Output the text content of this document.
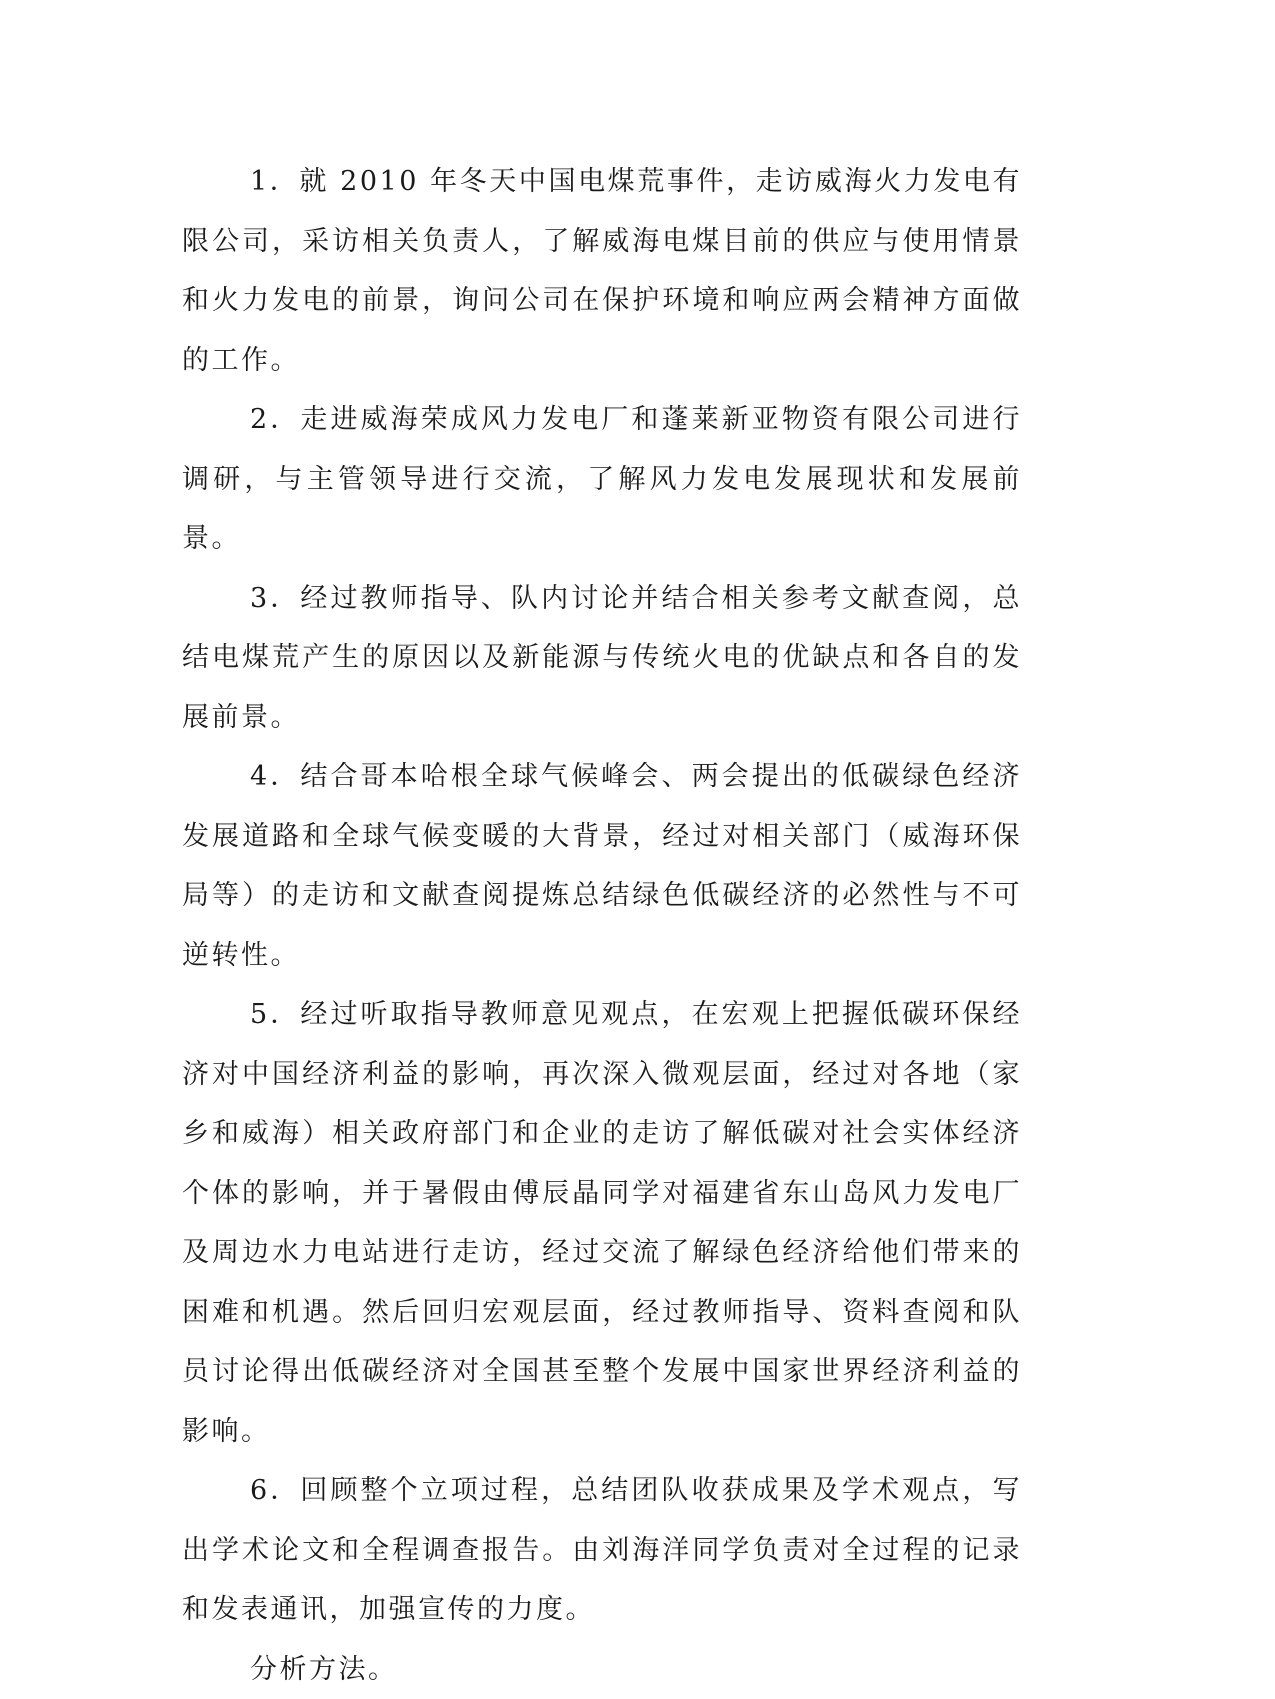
1．就 2010 年冬天中国电煤荒事件，走访威海火力发电有限公司，采访相关负责人，了解威海电煤目前的供应与使用情景和火力发电的前景，询问公司在保护环境和响应两会精神方面做的工作。

2．走进威海荣成风力发电厂和蓬莱新亚物资有限公司进行调研，与主管领导进行交流，了解风力发电发展现状和发展前景。

3．经过教师指导、队内讨论并结合相关参考文献查阅，总结电煤荒产生的原因以及新能源与传统火电的优缺点和各自的发展前景。

4．结合哥本哈根全球气候峰会、两会提出的低碳绿色经济发展道路和全球气候变暖的大背景，经过对相关部门（威海环保局等）的走访和文献查阅提炼总结绿色低碳经济的必然性与不可逆转性。

5．经过听取指导教师意见观点，在宏观上把握低碳环保经济对中国经济利益的影响，再次深入微观层面，经过对各地（家乡和威海）相关政府部门和企业的走访了解低碳对社会实体经济个体的影响，并于暑假由傅辰晶同学对福建省东山岛风力发电厂及周边水力电站进行走访，经过交流了解绿色经济给他们带来的困难和机遇。然后回归宏观层面，经过教师指导、资料查阅和队员讨论得出低碳经济对全国甚至整个发展中国家世界经济利益的影响。

6．回顾整个立项过程，总结团队收获成果及学术观点，写出学术论文和全程调查报告。由刘海洋同学负责对全过程的记录和发表通讯，加强宣传的力度。

分析方法。
